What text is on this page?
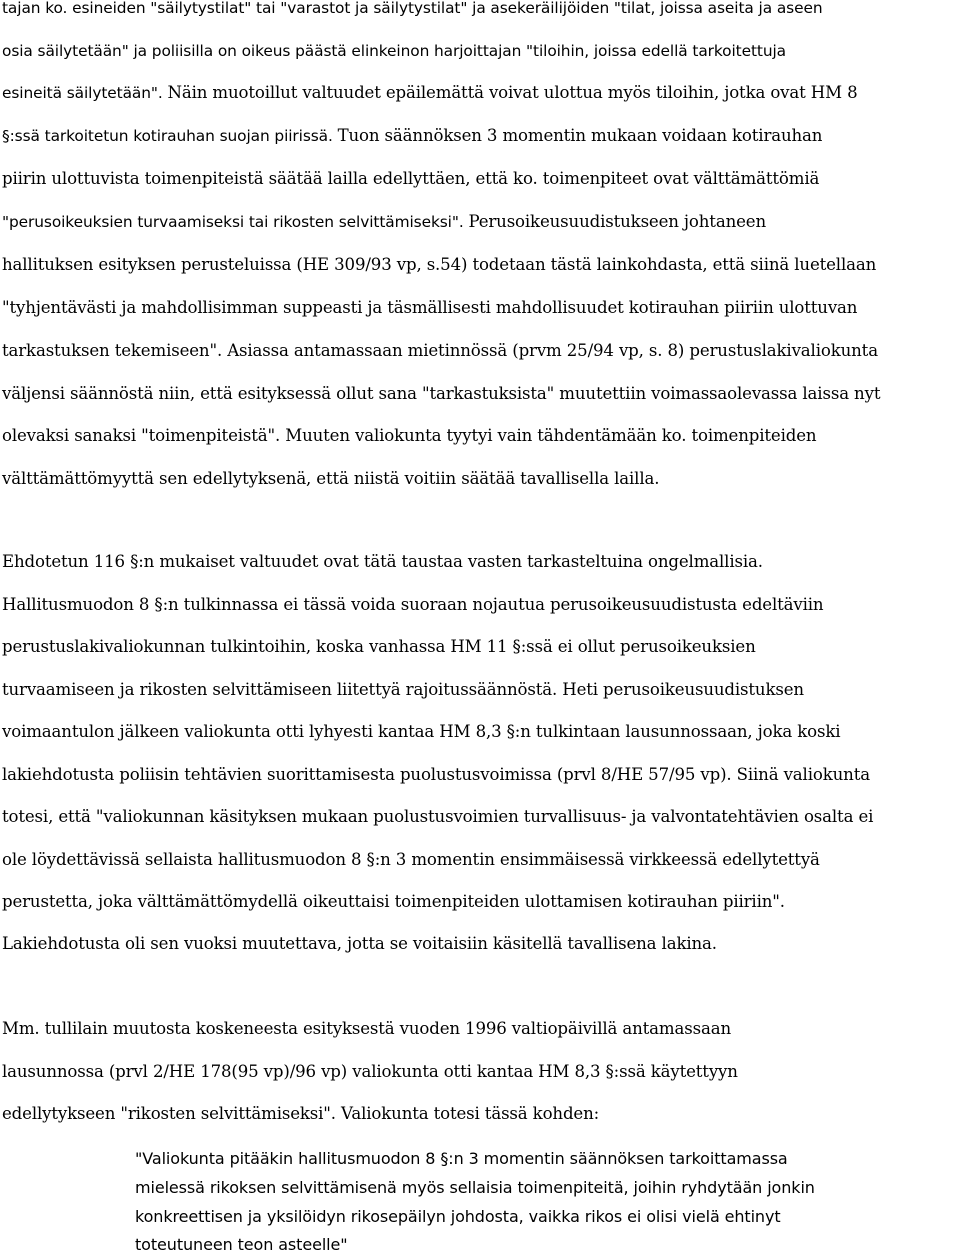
tajan ko. esineiden "säilytystilat" tai "varastot ja säilytystilat" ja asekeräilijöiden "tilat, joissa aseita ja aseen
osia säilytetään" ja poliisilla on oikeus päästä elinkeinon harjoittajan "tiloihin, joissa edellä tarkoitettuja
esineitä säilytetään". Näin muotoillut valtuudet epäilemättä voivat ulottua myös tiloihin, jotka ovat HM 8
§:ssä tarkoitetun kotirauhan suojan piirissä. Tuon säännöksen 3 momentin mukaan voidaan kotirauhan
piirin ulottuvista toimenpiteistä säätää lailla edellyttäen, että ko. toimenpiteet ovat välttämättömiä
"perusoikeuksien turvaamiseksi tai rikosten selvittämiseksi". Perusoikeusuudistukseen johtaneen
hallituksen esityksen perusteluissa (HE 309/93 vp, s.54) todetaan tästä lainkohdasta, että siinä luetellaan
"tyhjentävästi ja mahdollisimman suppeasti ja täsmällisesti mahdollisuudet kotirauhan piiriin ulottuvan
tarkastuksen tekemiseen". Asiassa antamassaan mietinnössä (prvm 25/94 vp, s. 8) perustuslakivaliokunta
väljensi säännöstä niin, että esityksessä ollut sana "tarkastuksista" muutettiin voimassaolevassa laissa nyt
olevaksi sanaksi "toimenpiteistä". Muuten valiokunta tyytyi vain tähdentämään ko. toimenpiteiden
välttämättömyyttä sen edellytyksenä, että niistä voitiin säätää tavallisella lailla.
Ehdotetun 116 §:n mukaiset valtuudet ovat tätä taustaa vasten tarkasteltuina ongelmallisia.
Hallitusmuodon 8 §:n tulkinnassa ei tässä voida suoraan nojautua perusoikeusuudistusta edeltäviin
perustuslakivaliokunnan tulkintoihin, koska vanhassa HM 11 §:ssä ei ollut perusoikeuksien
turvaamiseen ja rikosten selvittämiseen liitettyä rajoitussäännöstä. Heti perusoikeusuudistuksen
voimaantulon jälkeen valiokunta otti lyhyesti kantaa HM 8,3 §:n tulkintaan lausunnossaan, joka koski
lakiehdotusta poliisin tehtävien suorittamisesta puolustusvoimissa (prvl 8/HE 57/95 vp). Siinä valiokunta
totesi, että "valiokunnan käsityksen mukaan puolustusvoimien turvallisuus- ja valvontatehtävien osalta ei
ole löydettävissä sellaista hallitusmuodon 8 §:n 3 momentin ensimmäisessä virkkeessä edellytettyä
perustetta, joka välttämättömydellä oikeuttaisi toimenpiteiden ulottamisen kotirauhan piiriin".
Lakiehdotusta oli sen vuoksi muutettava, jotta se voitaisiin käsitellä tavallisena lakina.
Mm. tullilain muutosta koskeneesta esityksestä vuoden 1996 valtiopäivillä antamassaan
lausunnossa (prvl 2/HE 178(95 vp)/96 vp) valiokunta otti kantaa HM 8,3 §:ssä käytettyyn
edellytykseen "rikosten selvittämiseksi". Valiokunta totesi tässä kohden:
"Valiokunta pitääkin hallitusmuodon 8 §:n 3 momentin säännöksen tarkoittamassa
mielessä rikoksen selvittämisenä myös sellaisia toimenpiteitä, joihin ryhdytään jonkin
konkreettisen ja yksilöidyn rikosepäilyn johdosta, vaikka rikos ei olisi vielä ehtinyt
toteutuneen teon asteelle"
